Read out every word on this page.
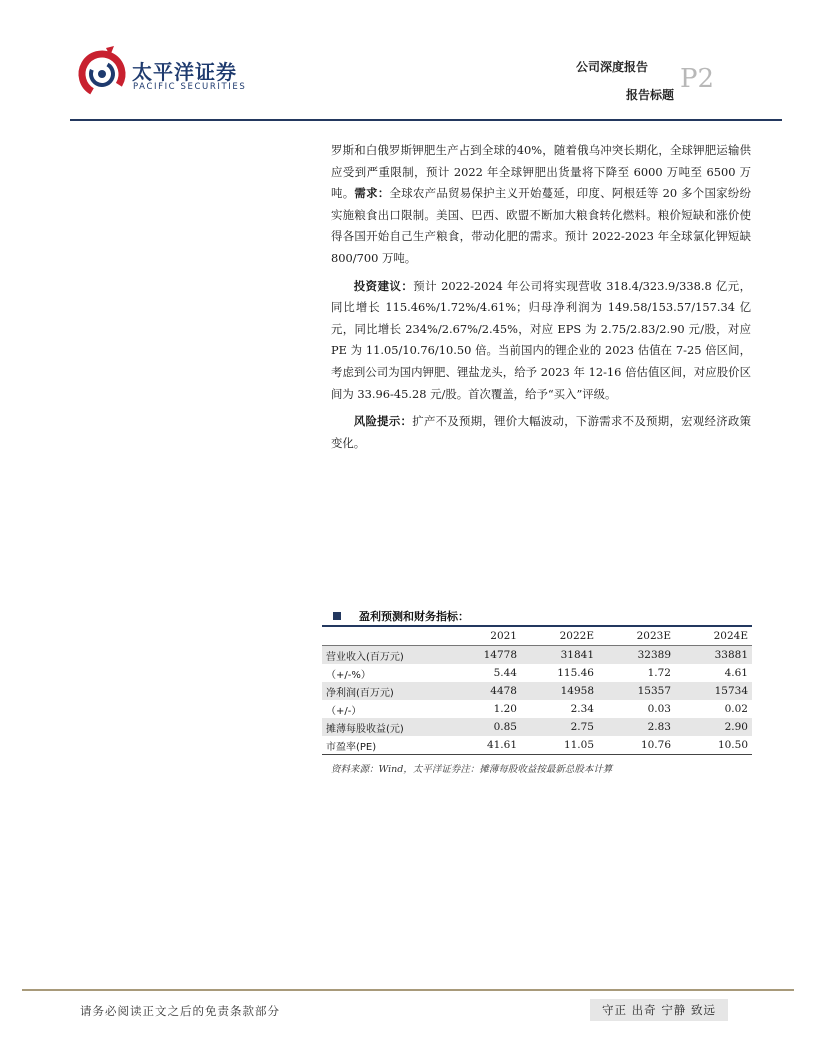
太平洋证券
PACIFIC SECURITIES
公司深度报告
报告标题
P2

罗斯和白俄罗斯钾肥生产占到全球的40%，随着俄乌冲突长期化，全球钾肥运输供应受到严重限制，预计 2022 年全球钾肥出货量将下降至 6000 万吨至 6500 万吨。需求：全球农产品贸易保护主义开始蔓延，印度、阿根廷等 20 多个国家纷纷实施粮食出口限制。美国、巴西、欧盟不断加大粮食转化燃料。粮价短缺和涨价使得各国开始自己生产粮食，带动化肥的需求。预计 2022-2023 年全球氯化钾短缺 800/700 万吨。

投资建议：预计 2022-2024 年公司将实现营收 318.4/323.9/338.8 亿元，同比增长 115.46%/1.72%/4.61%；归母净利润为 149.58/153.57/157.34 亿元，同比增长 234%/2.67%/2.45%，对应 EPS 为 2.75/2.83/2.90 元/股，对应 PE 为 11.05/10.76/10.50 倍。当前国内的锂企业的 2023 估值在 7-25 倍区间，考虑到公司为国内钾肥、锂盐龙头，给予 2023 年 12-16 倍估值区间，对应股价区间为 33.96-45.28 元/股。首次覆盖，给予“买入”评级。

风险提示：扩产不及预期，锂价大幅波动，下游需求不及预期，宏观经济政策变化。

盈利预测和财务指标：
	2021	2022E	2023E	2024E
营业收入(百万元)	14778	31841	32389	33881
（+/-%）	5.44	115.46	1.72	4.61
净利润(百万元)	4478	14958	15357	15734
（+/-）	1.20	2.34	0.03	0.02
摊薄每股收益(元)	0.85	2.75	2.83	2.90
市盈率(PE)	41.61	11.05	10.76	10.50
资料来源：Wind，太平洋证券注：摊薄每股收益按最新总股本计算
请务必阅读正文之后的免责条款部分	守正 出奇 宁静 致远
